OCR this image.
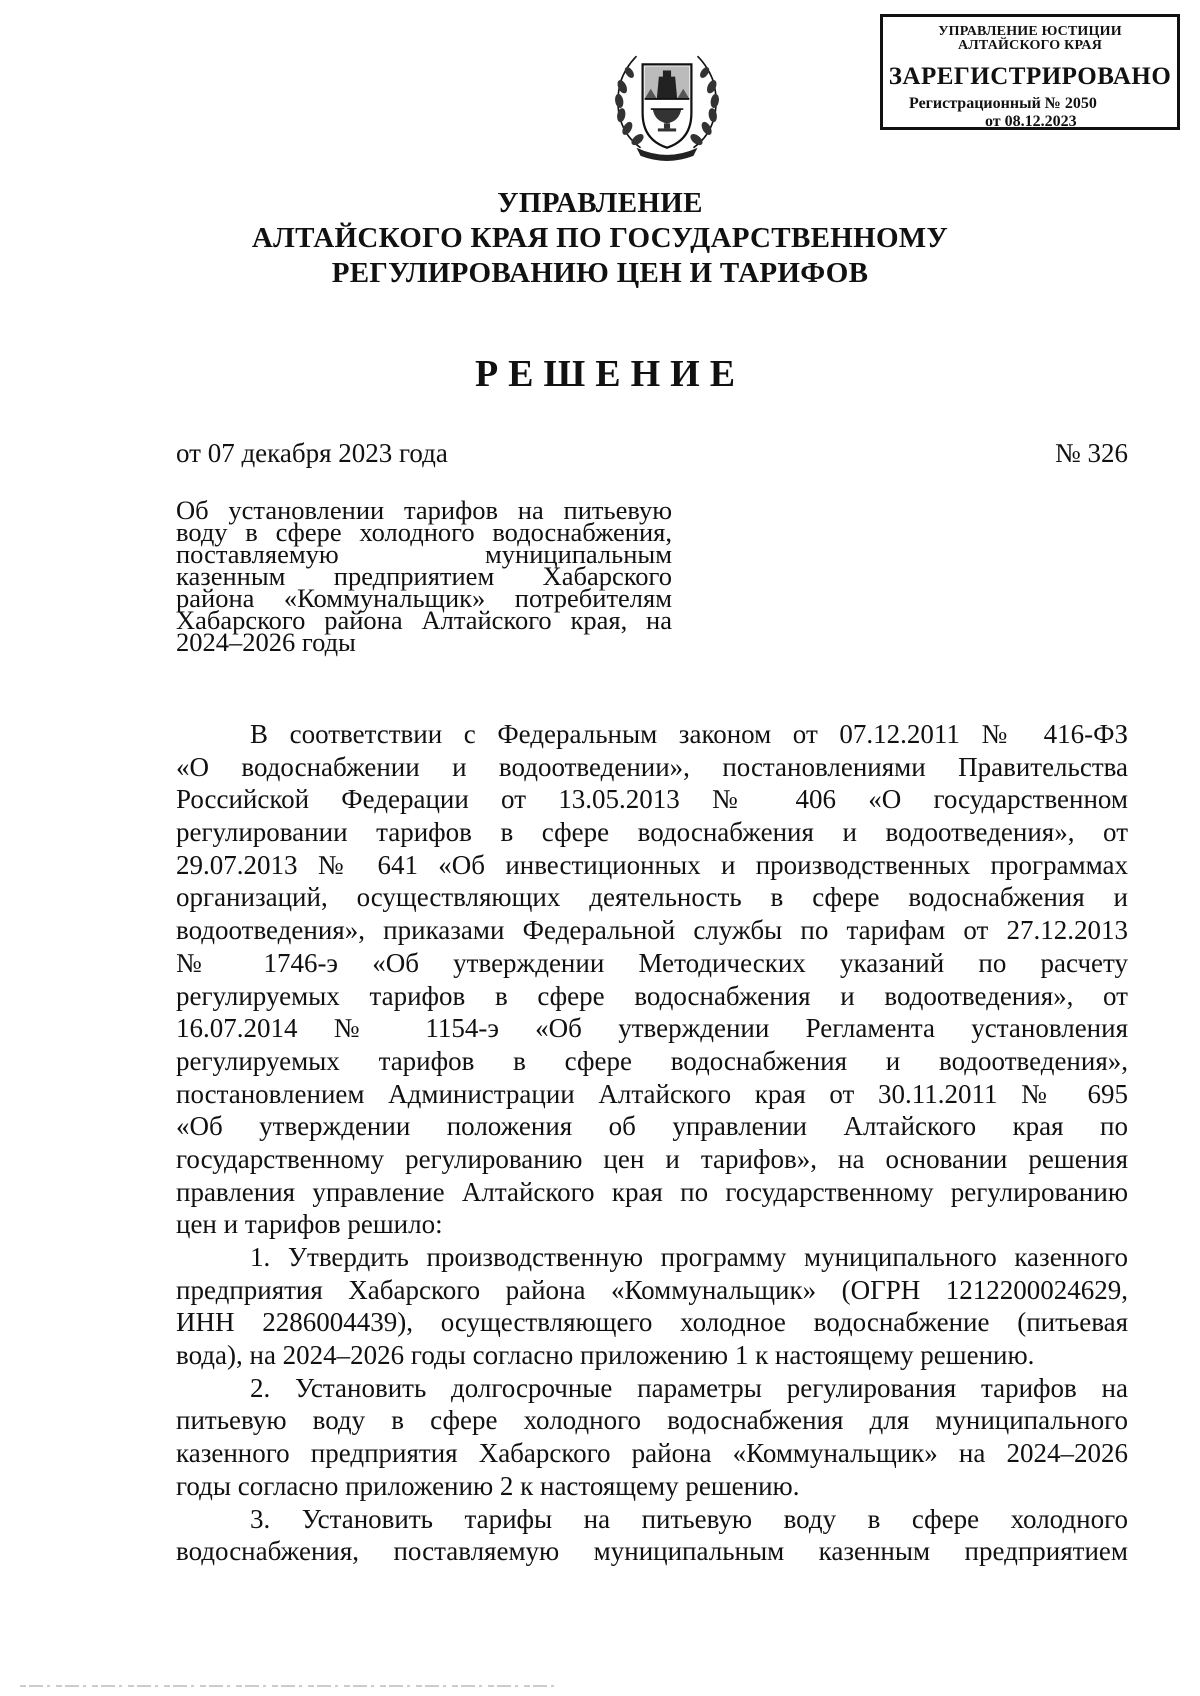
УПРАВЛЕНИЕ ЮСТИЦИИ
АЛТАЙСКОГО КРАЯ
ЗАРЕГИСТРИРОВАНО
Регистрационный № 2050
от 08.12.2023
УПРАВЛЕНИЕ
АЛТАЙСКОГО КРАЯ ПО ГОСУДАРСТВЕННОМУ
РЕГУЛИРОВАНИЮ ЦЕН И ТАРИФОВ
РЕШЕНИЕ
от 07 декабря 2023 года	№ 326
Об установлении тарифов на питьевую
воду в сфере холодного водоснабжения,
поставляемую муниципальным
казенным предприятием Хабарского
района «Коммунальщик» потребителям
Хабарского района Алтайского края, на
2024–2026 годы
В соответствии с Федеральным законом от 07.12.2011 № 416-ФЗ
«О водоснабжении и водоотведении», постановлениями Правительства
Российской Федерации от 13.05.2013 № 406 «О государственном
регулировании тарифов в сфере водоснабжения и водоотведения», от
29.07.2013 № 641 «Об инвестиционных и производственных программах
организаций, осуществляющих деятельность в сфере водоснабжения и
водоотведения», приказами Федеральной службы по тарифам от 27.12.2013
№ 1746-э «Об утверждении Методических указаний по расчету
регулируемых тарифов в сфере водоснабжения и водоотведения», от
16.07.2014 № 1154-э «Об утверждении Регламента установления
регулируемых тарифов в сфере водоснабжения и водоотведения»,
постановлением Администрации Алтайского края от 30.11.2011 № 695
«Об утверждении положения об управлении Алтайского края по
государственному регулированию цен и тарифов», на основании решения
правления управление Алтайского края по государственному регулированию
цен и тарифов решило:
1. Утвердить производственную программу муниципального казенного
предприятия Хабарского района «Коммунальщик» (ОГРН 1212200024629,
ИНН 2286004439), осуществляющего холодное водоснабжение (питьевая
вода), на 2024–2026 годы согласно приложению 1 к настоящему решению.
2. Установить долгосрочные параметры регулирования тарифов на
питьевую воду в сфере холодного водоснабжения для муниципального
казенного предприятия Хабарского района «Коммунальщик» на 2024–2026
годы согласно приложению 2 к настоящему решению.
3. Установить тарифы на питьевую воду в сфере холодного
водоснабжения, поставляемую муниципальным казенным предприятием
